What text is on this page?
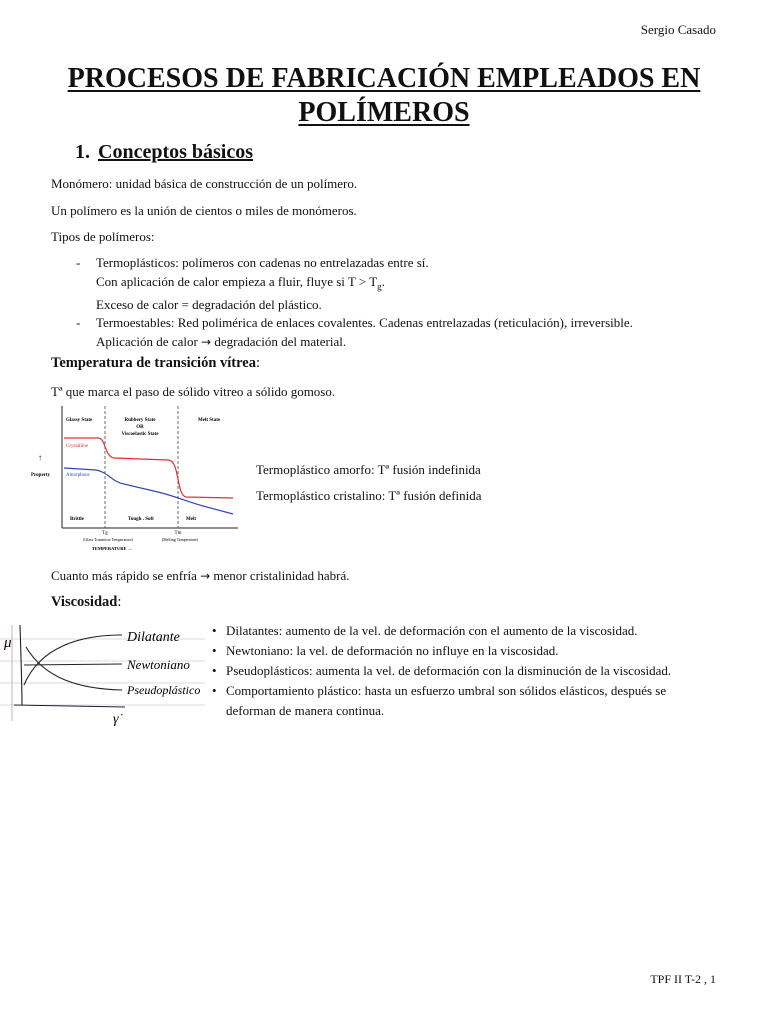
Sergio Casado
PROCESOS DE FABRICACIÓN EMPLEADOS EN
POLÍMEROS
1. Conceptos básicos
Monómero: unidad básica de construcción de un polímero.
Un polímero es la unión de cientos o miles de monómeros.
Tipos de polímeros:
-	Termoplásticos: polímeros con cadenas no entrelazadas entre sí.
Con aplicación de calor empieza a fluir, fluye si $T > T_g$.
Exceso de calor = degradación del plástico.
-	Termoestables: Red polimérica de enlaces covalentes. Cadenas entrelazadas (reticulación), irreversible.
Aplicación de calor → degradación del material.
Temperatura de transición vítrea:
Tª que marca el paso de sólido vitreo a sólido gomoso.
Glassy State	Rubbery State
OR
Viscoelastic State
Melt State
↑
Property
Crystalline
Amorphous
Brittle	Tough . Soft	Melt
Tg	Tm
(Glass Transition Temperature)	(Melting Temperature)
TEMPERATURE →
Termoplástico amorfo: Tª fusión indefinida
Termoplástico cristalino: Tª fusión definida
Cuanto más rápido se enfría → menor cristalinidad habrá.
Viscosidad:
μ
γ̇
Dilatante
Newtoniano
Pseudoplástico
• Dilatantes: aumento de la vel. de deformación con el aumento de la viscosidad.
• Newtoniano: la vel. de deformación no influye en la viscosidad.
• Pseudoplásticos: aumenta la vel. de deformación con la disminución de la viscosidad.
• Comportamiento plástico: hasta un esfuerzo umbral son sólidos elásticos, después se
deforman de manera continua.
TPF II T-2 , 1
